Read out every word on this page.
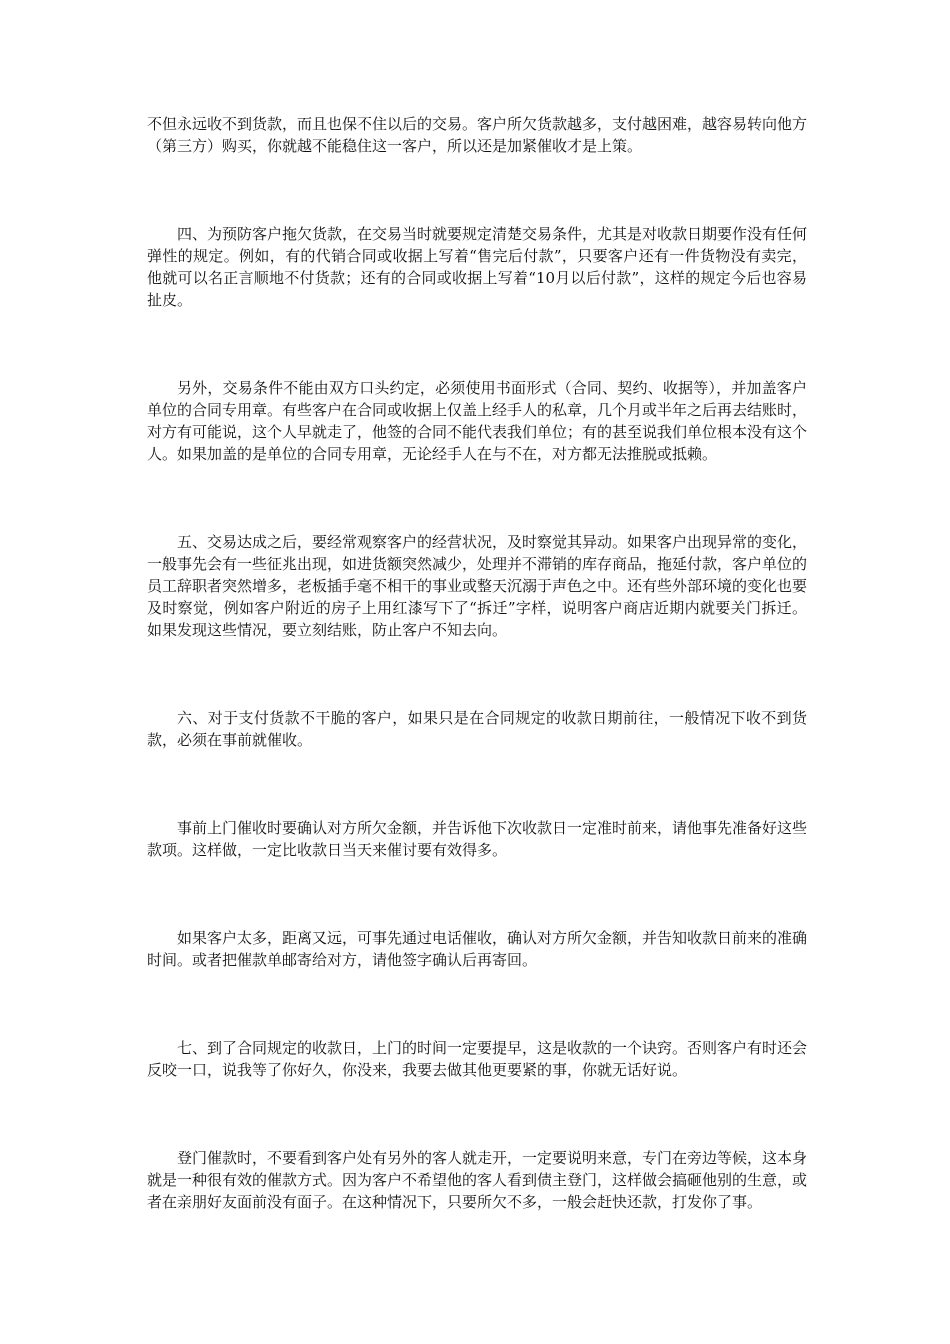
不但永远收不到货款，而且也保不住以后的交易。客户所欠货款越多，支付越困难，越容易转向他方（第三方）购买，你就越不能稳住这一客户，所以还是加紧催收才是上策。

四、为预防客户拖欠货款，在交易当时就要规定清楚交易条件，尤其是对收款日期要作没有任何弹性的规定。例如，有的代销合同或收据上写着“售完后付款”，只要客户还有一件货物没有卖完，他就可以名正言顺地不付货款；还有的合同或收据上写着“10月以后付款”，这样的规定今后也容易扯皮。

另外，交易条件不能由双方口头约定，必须使用书面形式（合同、契约、收据等），并加盖客户单位的合同专用章。有些客户在合同或收据上仅盖上经手人的私章，几个月或半年之后再去结账时，对方有可能说，这个人早就走了，他签的合同不能代表我们单位；有的甚至说我们单位根本没有这个人。如果加盖的是单位的合同专用章，无论经手人在与不在，对方都无法推脱或抵赖。

五、交易达成之后，要经常观察客户的经营状况，及时察觉其异动。如果客户出现异常的变化，一般事先会有一些征兆出现，如进货额突然减少，处理并不滞销的库存商品，拖延付款，客户单位的员工辞职者突然增多，老板插手毫不相干的事业或整天沉溺于声色之中。还有些外部环境的变化也要及时察觉，例如客户附近的房子上用红漆写下了“拆迁”字样，说明客户商店近期内就要关门拆迁。如果发现这些情况，要立刻结账，防止客户不知去向。

六、对于支付货款不干脆的客户，如果只是在合同规定的收款日期前往，一般情况下收不到货款，必须在事前就催收。

事前上门催收时要确认对方所欠金额，并告诉他下次收款日一定准时前来，请他事先准备好这些款项。这样做，一定比收款日当天来催讨要有效得多。

如果客户太多，距离又远，可事先通过电话催收，确认对方所欠金额，并告知收款日前来的准确时间。或者把催款单邮寄给对方，请他签字确认后再寄回。

七、到了合同规定的收款日，上门的时间一定要提早，这是收款的一个诀窍。否则客户有时还会反咬一口，说我等了你好久，你没来，我要去做其他更要紧的事，你就无话好说。

登门催款时，不要看到客户处有另外的客人就走开，一定要说明来意，专门在旁边等候，这本身就是一种很有效的催款方式。因为客户不希望他的客人看到债主登门，这样做会搞砸他别的生意，或者在亲朋好友面前没有面子。在这种情况下，只要所欠不多，一般会赶快还款，打发你了事。
